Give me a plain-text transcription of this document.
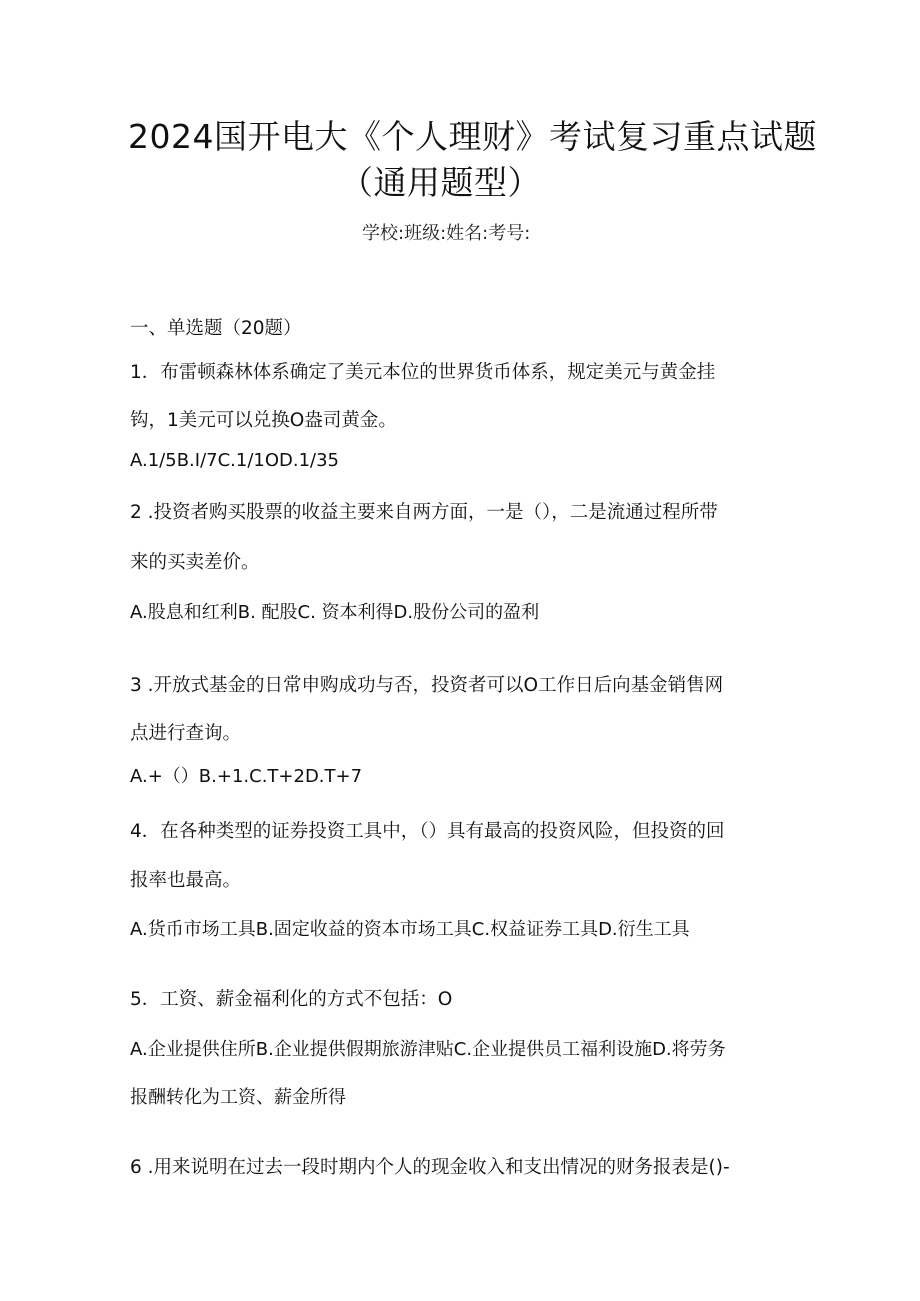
2024国开电大《个人理财》考试复习重点试题
（通用题型）
学校:班级:姓名:考号:
一、单选题（20题）
1．布雷顿森林体系确定了美元本位的世界货币体系，规定美元与黄金挂
钩，1美元可以兑换O盎司黄金。
A.1/5B.I/7C.1/1OD.1/35
2 .投资者购买股票的收益主要来自两方面，一是（），二是流通过程所带
来的买卖差价。
A.股息和红利B. 配股C. 资本利得D.股份公司的盈利
3 .开放式基金的日常申购成功与否，投资者可以O工作日后向基金销售网
点进行查询。
A.+（）B.+1.C.T+2D.T+7
4．在各种类型的证券投资工具中，（）具有最高的投资风险，但投资的回
报率也最高。
A.货币市场工具B.固定收益的资本市场工具C.权益证券工具D.衍生工具
5．工资、薪金福利化的方式不包括：O
A.企业提供住所B.企业提供假期旅游津贴C.企业提供员工福利设施D.将劳务
报酬转化为工资、薪金所得
6 .用来说明在过去一段时期内个人的现金收入和支出情况的财务报表是()-
